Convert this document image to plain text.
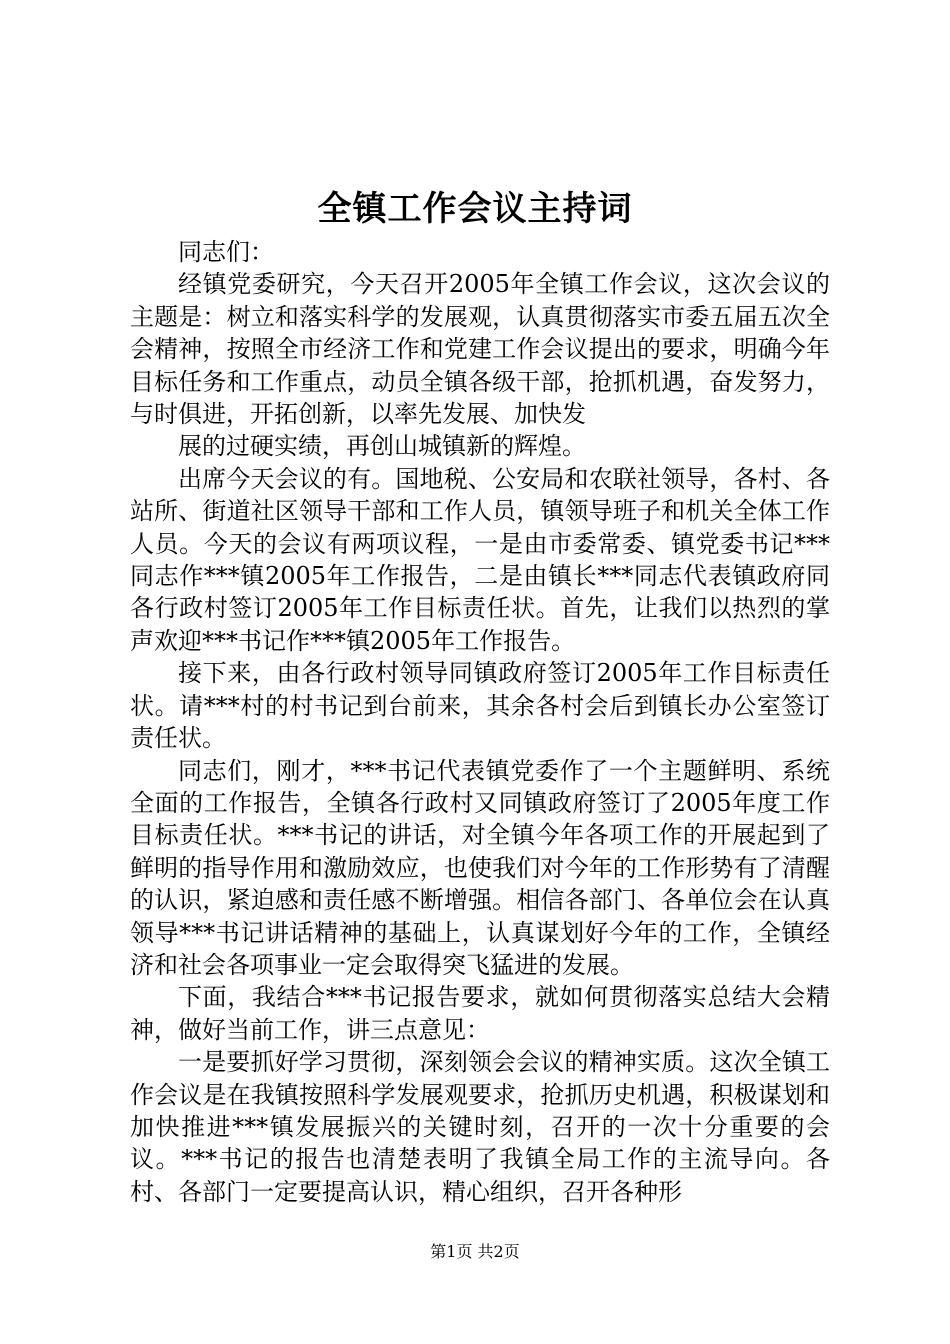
全镇工作会议主持词

同志们：

经镇党委研究，今天召开2005年全镇工作会议，这次会议的主题是：树立和落实科学的发展观，认真贯彻落实市委五届五次全会精神，按照全市经济工作和党建工作会议提出的要求，明确今年目标任务和工作重点，动员全镇各级干部，抢抓机遇，奋发努力，与时俱进，开拓创新，以率先发展、加快发

展的过硬实绩，再创山城镇新的辉煌。

出席今天会议的有。国地税、公安局和农联社领导，各村、各站所、街道社区领导干部和工作人员，镇领导班子和机关全体工作人员。今天的会议有两项议程，一是由市委常委、镇党委书记***同志作***镇2005年工作报告，二是由镇长***同志代表镇政府同各行政村签订2005年工作目标责任状。首先，让我们以热烈的掌声欢迎***书记作***镇2005年工作报告。

接下来，由各行政村领导同镇政府签订2005年工作目标责任状。请***村的村书记到台前来，其余各村会后到镇长办公室签订责任状。

同志们，刚才，***书记代表镇党委作了一个主题鲜明、系统全面的工作报告，全镇各行政村又同镇政府签订了2005年度工作目标责任状。***书记的讲话，对全镇今年各项工作的开展起到了鲜明的指导作用和激励效应，也使我们对今年的工作形势有了清醒的认识，紧迫感和责任感不断增强。相信各部门、各单位会在认真领导***书记讲话精神的基础上，认真谋划好今年的工作，全镇经济和社会各项事业一定会取得突飞猛进的发展。

下面，我结合***书记报告要求，就如何贯彻落实总结大会精神，做好当前工作，讲三点意见：

一是要抓好学习贯彻，深刻领会会议的精神实质。这次全镇工作会议是在我镇按照科学发展观要求，抢抓历史机遇，积极谋划和加快推进***镇发展振兴的关键时刻，召开的一次十分重要的会议。***书记的报告也清楚表明了我镇全局工作的主流导向。各村、各部门一定要提高认识，精心组织，召开各种形

第1页 共2页
